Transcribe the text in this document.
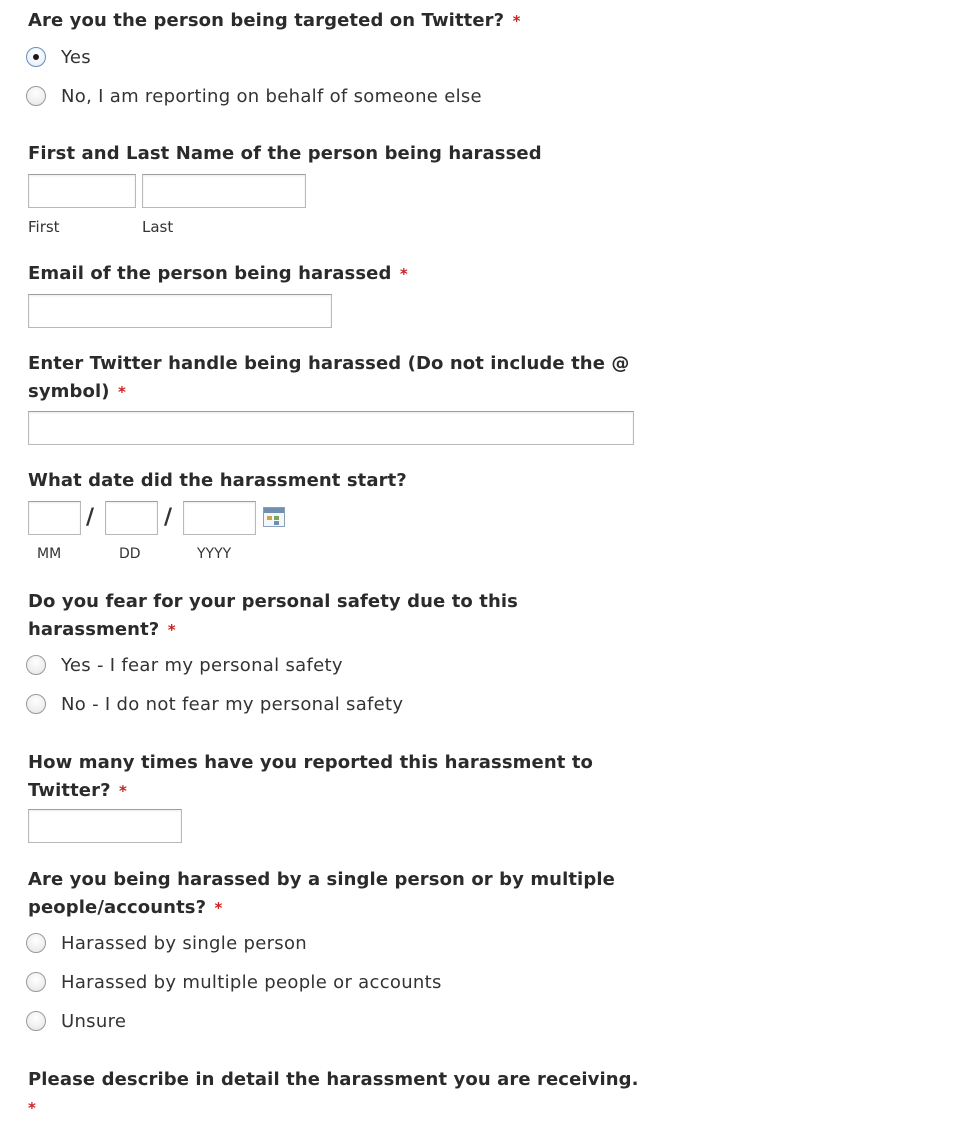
Are you the person being targeted on Twitter? *

Yes
No, I am reporting on behalf of someone else

First and Last Name of the person being harassed

First	Last

Email of the person being harassed *

Enter Twitter handle being harassed (Do not include the @
symbol) *

What date did the harassment start?

/	/
MM	DD	YYYY

Do you fear for your personal safety due to this
harassment? *

Yes - I fear my personal safety
No - I do not fear my personal safety

How many times have you reported this harassment to
Twitter? *

Are you being harassed by a single person or by multiple
people/accounts? *

Harassed by single person
Harassed by multiple people or accounts
Unsure

Please describe in detail the harassment you are receiving.
*
